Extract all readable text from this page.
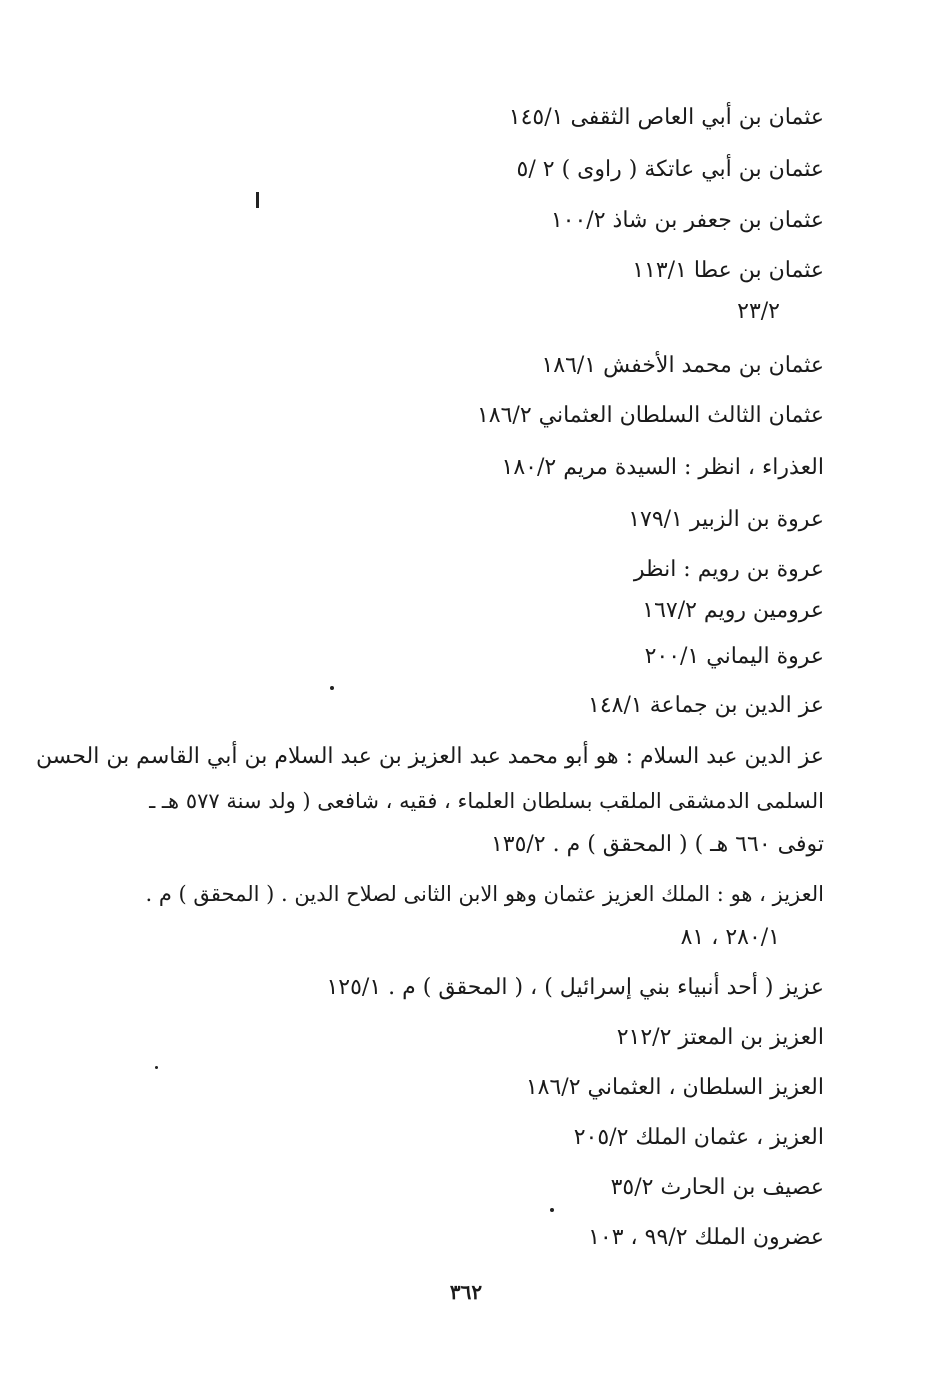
عثمان بن أبي العاص الثقفى ١٤٥/١
عثمان بن أبي عاتكة ( راوى ) ٢ /٥
عثمان بن جعفر بن شاذ ١٠٠/٢
عثمان بن عطا ١١٣/١
٢٣/٢
عثمان بن محمد الأخفش ١٨٦/١
عثمان الثالث السلطان العثماني ١٨٦/٢
العذراء ، انظر : السيدة مريم ١٨٠/٢
عروة بن الزبير ١٧٩/١
عروة بن رويم : انظر
عرومين رويم ١٦٧/٢
عروة اليماني ٢٠٠/١
عز الدين بن جماعة ١٤٨/١
عز الدين عبد السلام : هو أبو محمد عبد العزيز بن عبد السلام بن أبي القاسم بن الحسن
السلمى الدمشقى الملقب بسلطان العلماء ، فقيه ، شافعى ( ولد سنة ٥٧٧ هـ ـ
توفى ٦٦٠ هـ ) ( المحقق ) م . ١٣٥/٢
العزيز ، هو : الملك العزيز عثمان وهو الابن الثانى لصلاح الدين . ( المحقق ) م .
٢٨٠/١ ، ٨١
عزيز ( أحد أنبياء بني إسرائيل ) ، ( المحقق ) م . ١٢٥/١
العزيز بن المعتز ٢١٢/٢
العزيز السلطان ، العثماني ١٨٦/٢
العزيز ، عثمان الملك ٢٠٥/٢
عصيف بن الحارث ٣٥/٢
عضرون الملك ٩٩/٢ ، ١٠٣
٣٦٢
